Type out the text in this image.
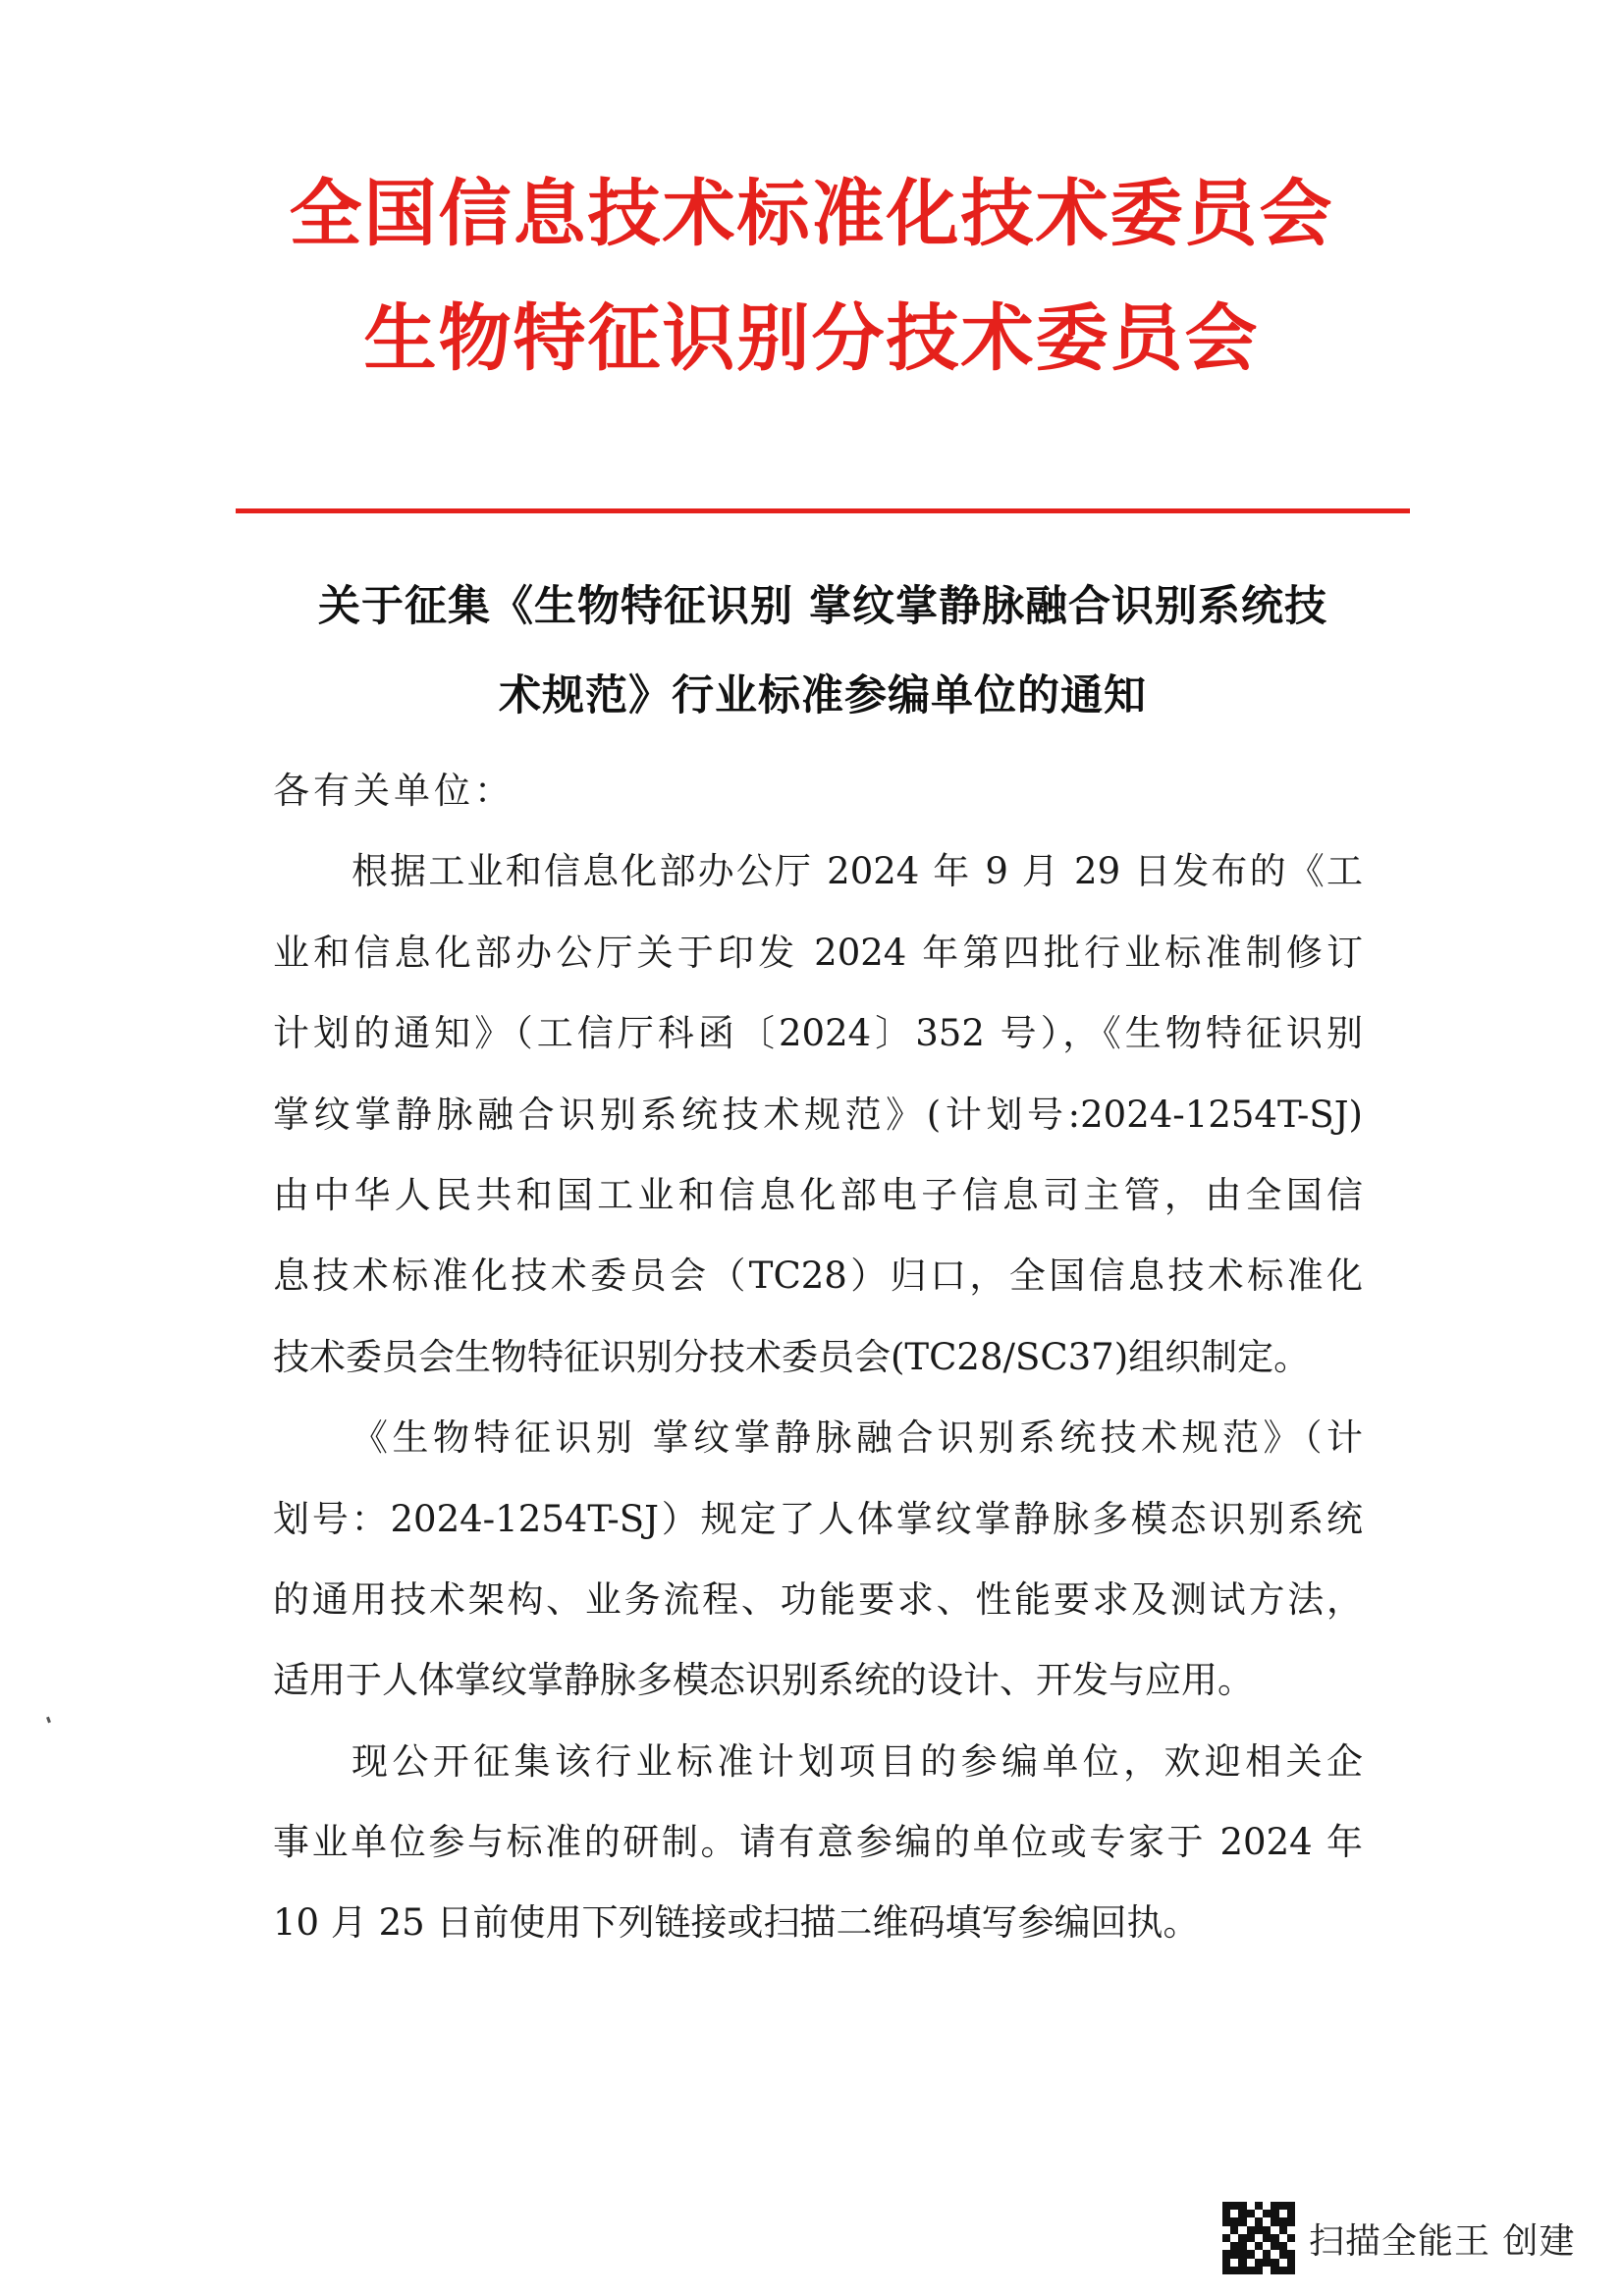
全国信息技术标准化技术委员会
生物特征识别分技术委员会
关于征集《生物特征识别 掌纹掌静脉融合识别系统技
术规范》行业标准参编单位的通知
各有关单位：
根据工业和信息化部办公厅 2024 年 9 月 29 日发布的《工
业和信息化部办公厅关于印发 2024 年第四批行业标准制修订
计划的通知》（工信厅科函〔2024〕352 号），《生物特征识别
掌纹掌静脉融合识别系统技术规范》(计划号:2024-1254T-SJ)
由中华人民共和国工业和信息化部电子信息司主管，由全国信
息技术标准化技术委员会（TC28）归口，全国信息技术标准化
技术委员会生物特征识别分技术委员会(TC28/SC37)组织制定。
《生物特征识别 掌纹掌静脉融合识别系统技术规范》（计
划号：2024-1254T-SJ）规定了人体掌纹掌静脉多模态识别系统
的通用技术架构、业务流程、功能要求、性能要求及测试方法，
适用于人体掌纹掌静脉多模态识别系统的设计、开发与应用。
现公开征集该行业标准计划项目的参编单位，欢迎相关企
事业单位参与标准的研制。请有意参编的单位或专家于 2024 年
10 月 25 日前使用下列链接或扫描二维码填写参编回执。
扫描全能王 创建
